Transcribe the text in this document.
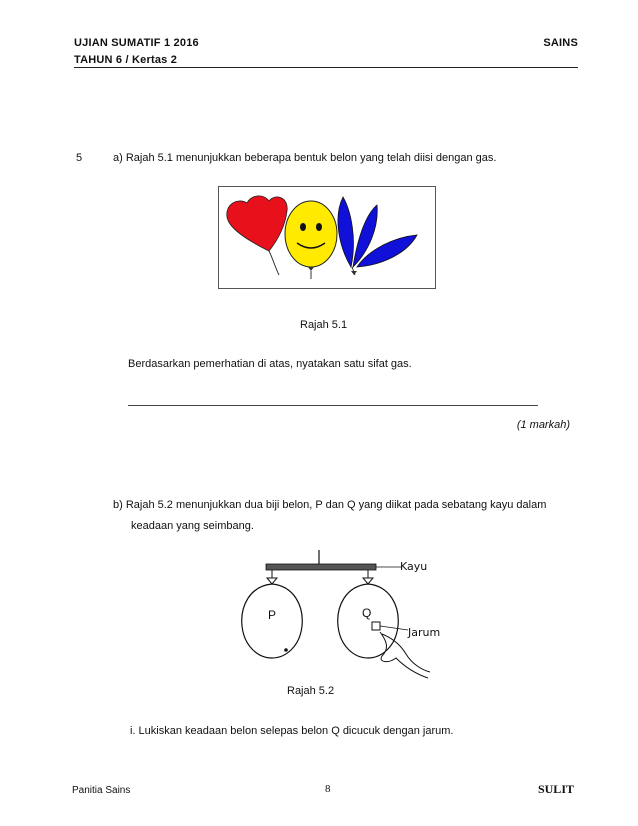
UJIAN SUMATIF 1 2016
TAHUN 6 / Kertas 2
SAINS
5	a) Rajah 5.1 menunjukkan beberapa bentuk belon yang telah diisi dengan gas.
Rajah 5.1
Berdasarkan pemerhatian di atas, nyatakan satu sifat gas.
(1 markah)
b) Rajah 5.2 menunjukkan dua biji belon, P dan Q yang diikat pada sebatang kayu dalam
keadaan yang seimbang.
Kayu
Jarum
P	Q
Rajah 5.2
i. Lukiskan keadaan belon selepas belon Q dicucuk dengan jarum.
Panitia Sains	8	SULIT
